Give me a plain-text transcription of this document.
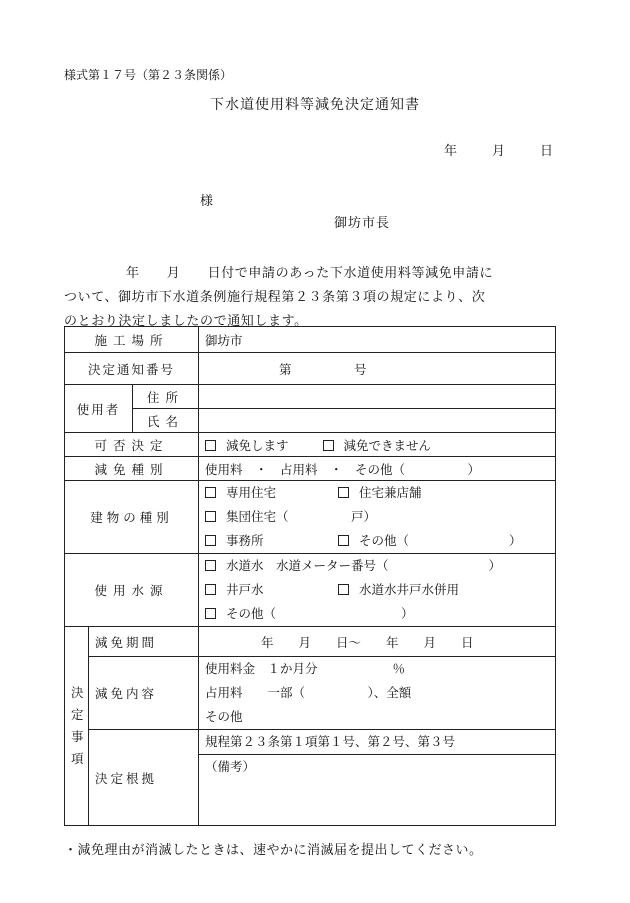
様式第１７号（第２３条関係）
下水道使用料等減免決定通知書
年	月	日
様
御坊市長
年　　月　　日付で申請のあった下水道使用料等減免申請に
ついて、御坊市下水道条例施行規程第２３条第３項の規定により、次
のとおり決定しましたので通知します。
施工場所			御坊市
決定通知番号			第　　　　　号
使用者		住所	
		氏名	
可否決定			減免します 減免できません
減免種別			使用料　・　占用料　・　その他（　　　　　）
建物の種別			専用住宅 住宅兼店舗
集団住宅（　　　　　戸）
事務所 その他（　　　　　　　　）

使用水源			水道水　水道メーター番号（　　　　　　　　）
井戸水 水道水井戸水併用
その他（　　　　　　　　　　）

決
定
事
項	減免期間		年　　月　　日〜　　年　　月　　日
	減免内容		使用料金　１か月分　　　　　　％
占用料　　一部（　　　　　）、全額
その他

	決定根拠		規程第２３条第１項第１号、第２号、第３号
（備考）
・減免理由が消滅したときは、速やかに消滅届を提出してください。
